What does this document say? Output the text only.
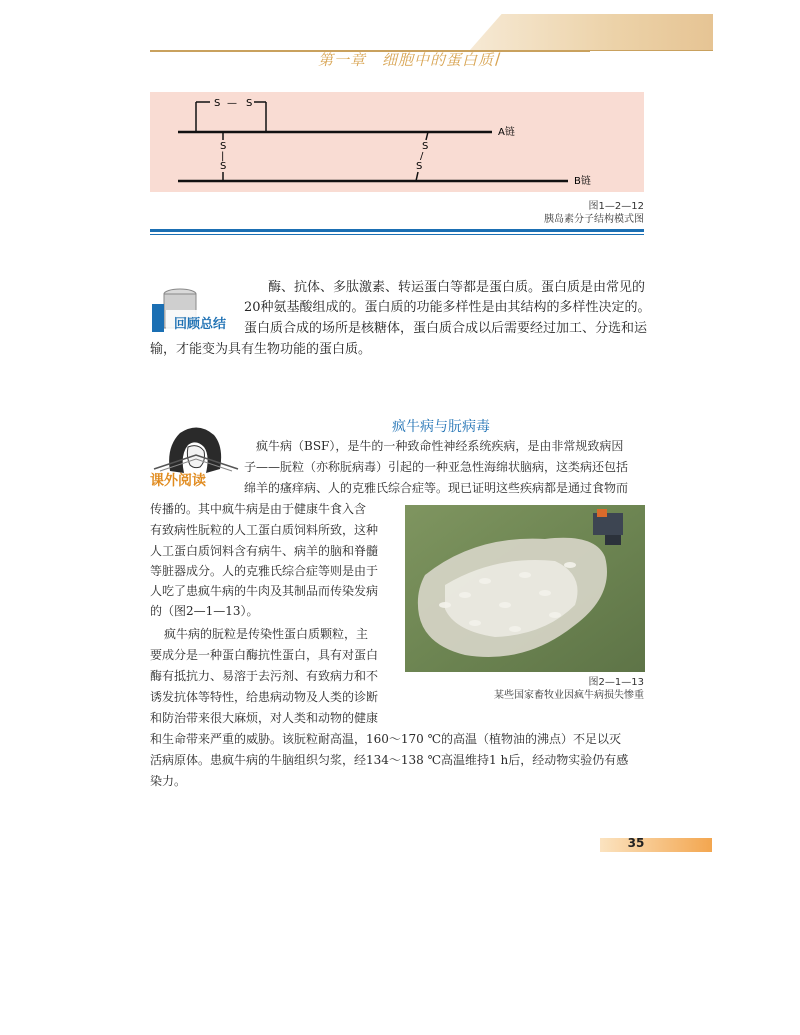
第一章　细胞中的蛋白质 /
S — S
A链
B链
S
|
S
S
/
S
图1—2—12
胰岛素分子结构模式图
回顾总结
酶、抗体、多肽激素、转运蛋白等都是蛋白质。蛋白质是由常见的
20种氨基酸组成的。蛋白质的功能多样性是由其结构的多样性决定的。
蛋白质合成的场所是核糖体，蛋白质合成以后需要经过加工、分选和运
输，才能变为具有生物功能的蛋白质。
疯牛病与朊病毒
课外阅读
疯牛病（BSF），是牛的一种致命性神经系统疾病，是由非常规致病因
子——朊粒（亦称朊病毒）引起的一种亚急性海绵状脑病，这类病还包括
绵羊的瘙痒病、人的克雅氏综合症等。现已证明这些疾病都是通过食物而
传播的。其中疯牛病是由于健康牛食入含
有致病性朊粒的人工蛋白质饲料所致，这种
人工蛋白质饲料含有病牛、病羊的脑和脊髓
等脏器成分。人的克雅氏综合症等则是由于
人吃了患疯牛病的牛肉及其制品而传染发病
的（图2—1—13）。
疯牛病的朊粒是传染性蛋白质颗粒，主
要成分是一种蛋白酶抗性蛋白，具有对蛋白
酶有抵抗力、易溶于去污剂、有致病力和不
诱发抗体等特性，给患病动物及人类的诊断
和防治带来很大麻烦，对人类和动物的健康
和生命带来严重的威胁。该朊粒耐高温，160～170 ℃的高温（植物油的沸点）不足以灭
活病原体。患疯牛病的牛脑组织匀浆，经134～138 ℃高温维持1 h后，经动物实验仍有感
染力。
图2—1—13
某些国家畜牧业因疯牛病损失惨重
35
